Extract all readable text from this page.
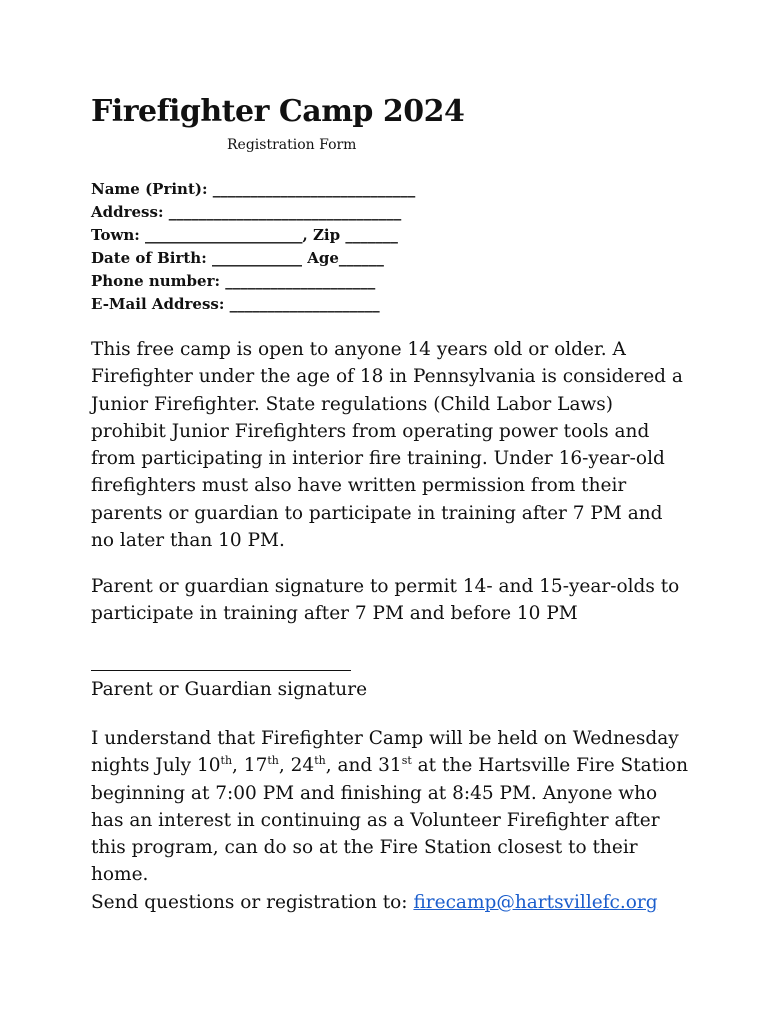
Firefighter Camp 2024
Registration Form
Name (Print): ___________________________
Address: _______________________________
Town: _____________________, Zip _______
Date of Birth: ____________ Age______
Phone number: ____________________
E-Mail Address: ____________________

This free camp is open to anyone 14 years old or older. A Firefighter under the age of 18 in Pennsylvania is considered a Junior Firefighter. State regulations (Child Labor Laws) prohibit Junior Firefighters from operating power tools and from participating in interior fire training. Under 16-year-old firefighters must also have written permission from their parents or guardian to participate in training after 7 PM and no later than 10 PM.

Parent or guardian signature to permit 14- and 15-year-olds to participate in training after 7 PM and before 10 PM

Parent or Guardian signature

I understand that Firefighter Camp will be held on Wednesday nights July 10th, 17th, 24th, and 31st at the Hartsville Fire Station beginning at 7:00 PM and finishing at 8:45 PM. Anyone who has an interest in continuing as a Volunteer Firefighter after this program, can do so at the Fire Station closest to their home.
Send questions or registration to: firecamp@hartsvillefc.org
